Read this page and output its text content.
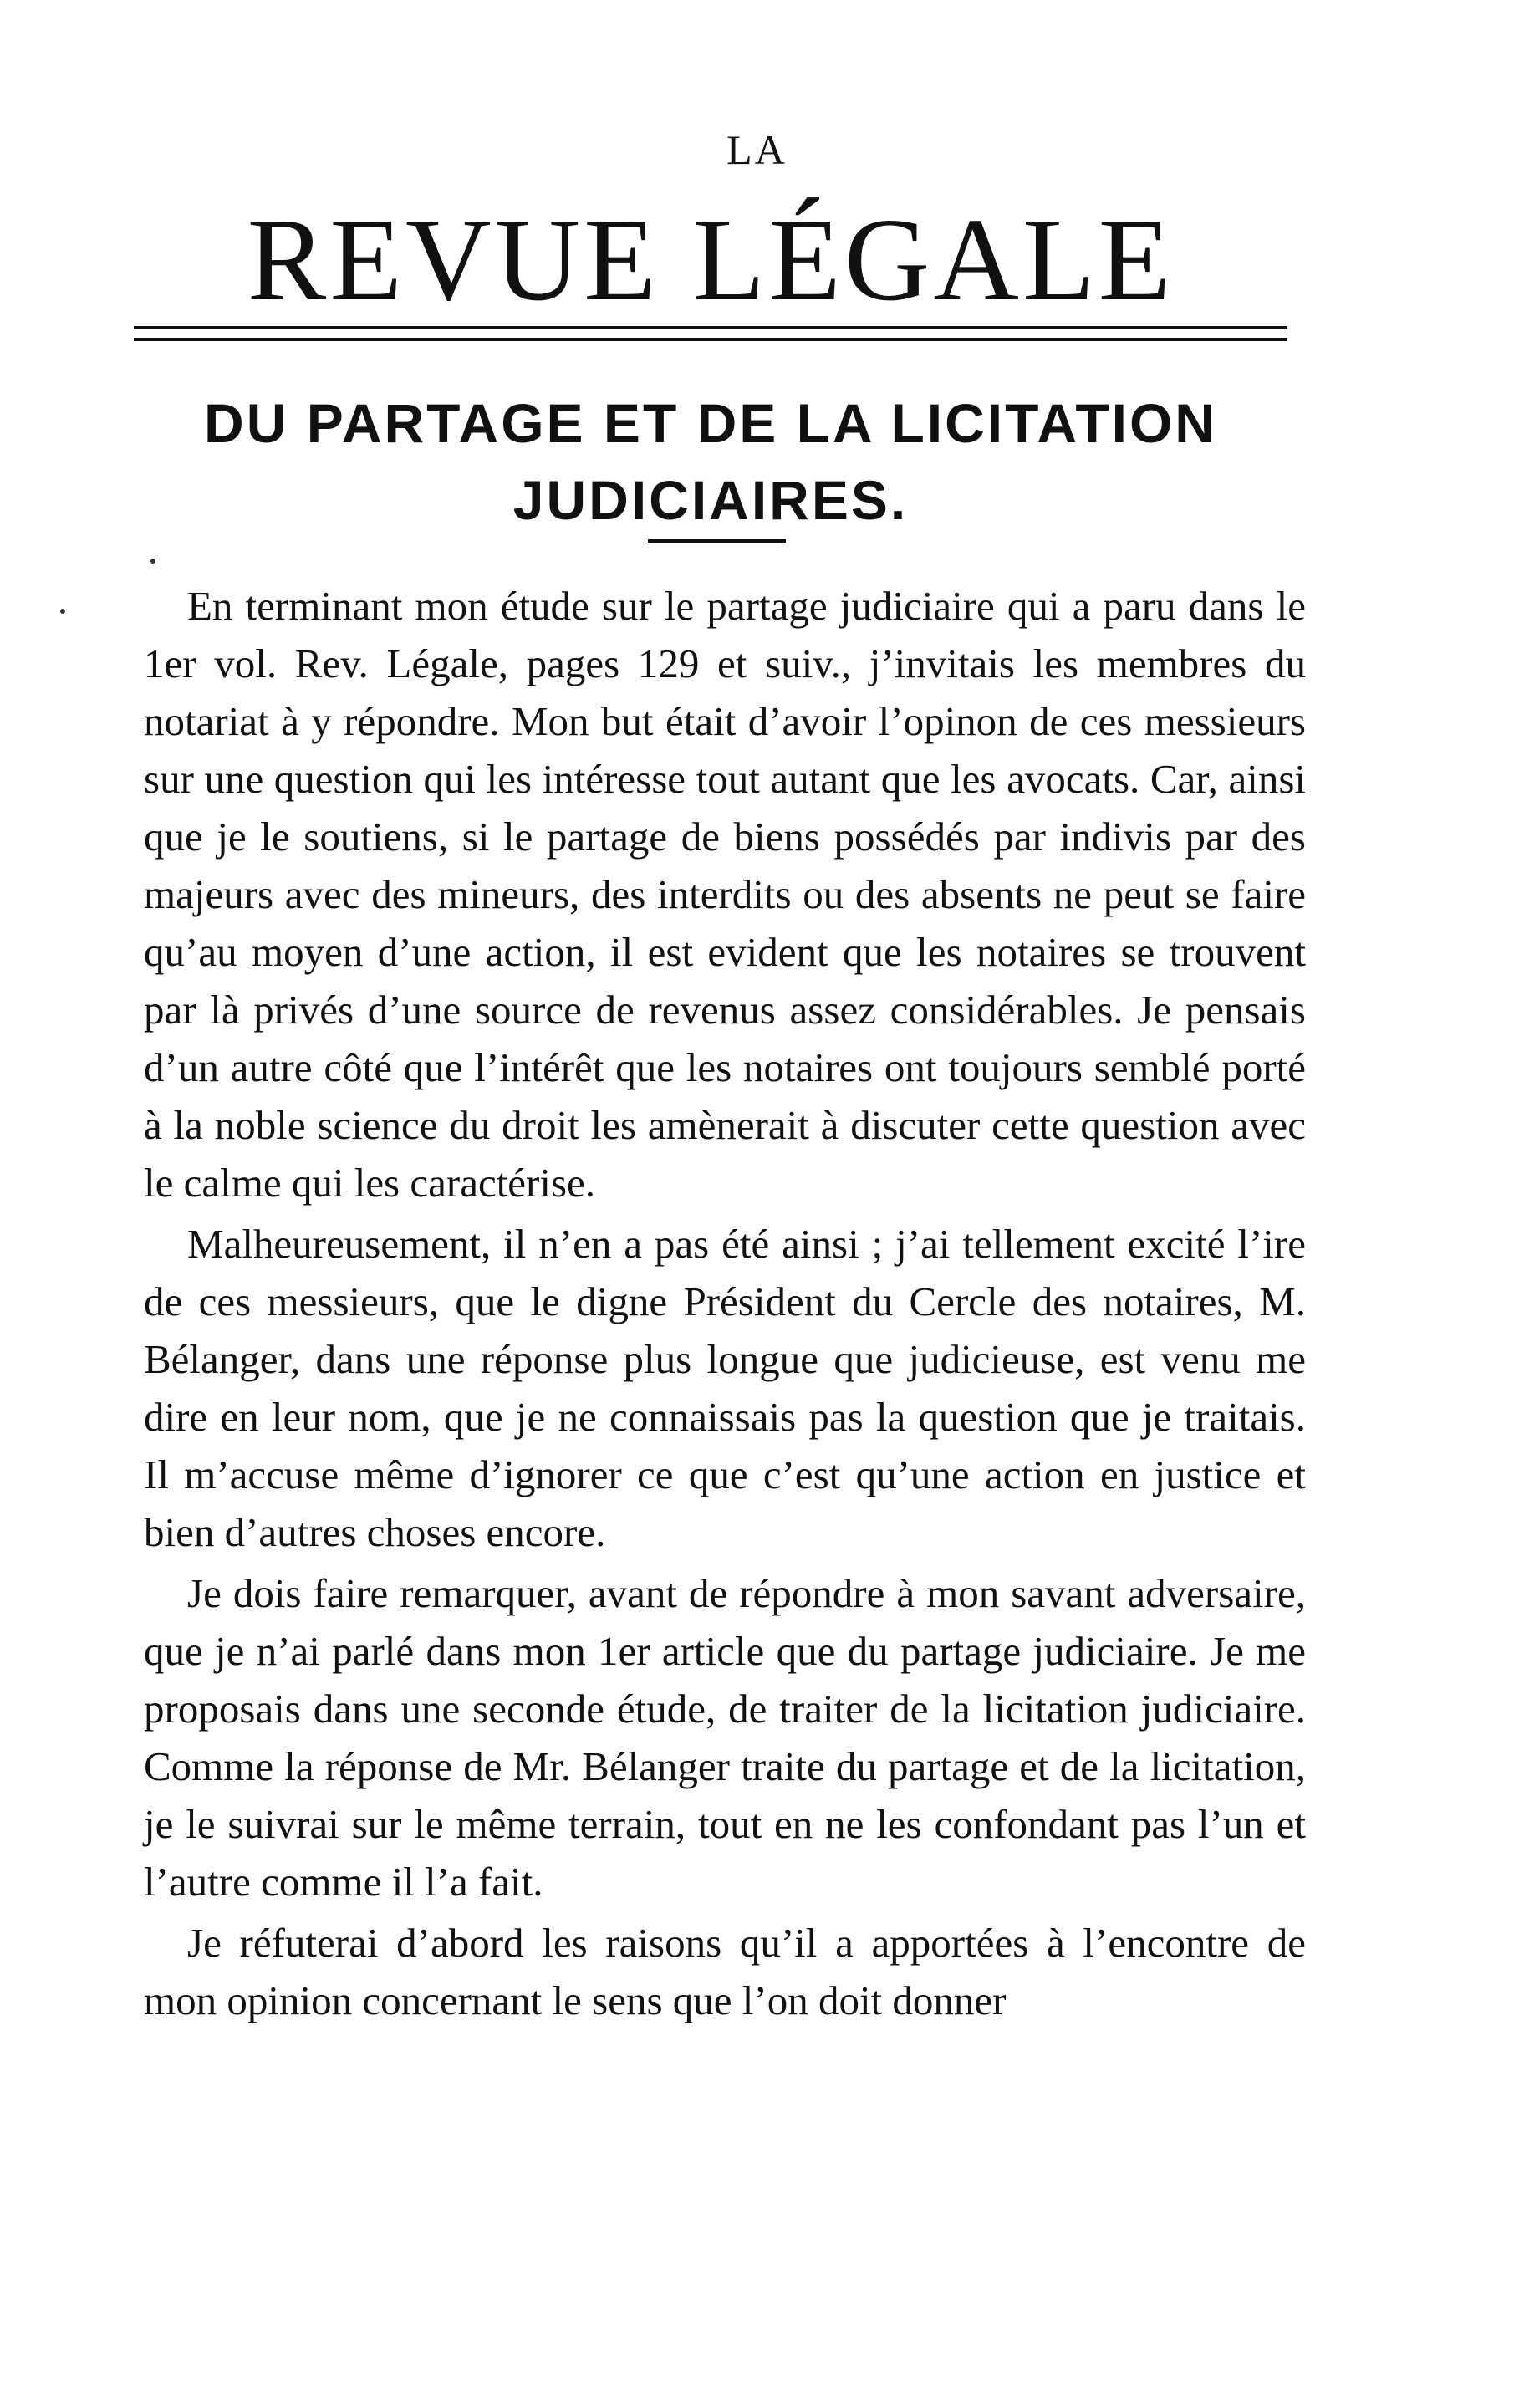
LA
REVUE LÉGALE
DU PARTAGE ET DE LA LICITATION JUDICIAIRES.

En terminant mon étude sur le partage judiciaire qui a paru dans le 1er vol. Rev. Légale, pages 129 et suiv., j’invitais les membres du notariat à y répondre. Mon but était d’avoir l’opinon de ces messieurs sur une question qui les intéresse tout autant que les avocats. Car, ainsi que je le soutiens, si le partage de biens possédés par indivis par des majeurs avec des mineurs, des interdits ou des absents ne peut se faire qu’au moyen d’une action, il est evident que les notaires se trouvent par là privés d’une source de revenus assez considérables. Je pensais d’un autre côté que l’intérêt que les notaires ont toujours semblé porté à la noble science du droit les amènerait à discuter cette question avec le calme qui les caractérise.

Malheureusement, il n’en a pas été ainsi ; j’ai tellement excité l’ire de ces messieurs, que le digne Président du Cercle des notaires, M. Bélanger, dans une réponse plus longue que judicieuse, est venu me dire en leur nom, que je ne connaissais pas la question que je traitais. Il m’accuse même d’ignorer ce que c’est qu’une action en justice et bien d’autres choses encore.

Je dois faire remarquer, avant de répondre à mon savant adversaire, que je n’ai parlé dans mon 1er article que du partage judiciaire. Je me proposais dans une seconde étude, de traiter de la licitation judiciaire. Comme la réponse de Mr. Bélanger traite du partage et de la licitation, je le suivrai sur le même terrain, tout en ne les confondant pas l’un et l’autre comme il l’a fait.

Je réfuterai d’abord les raisons qu’il a apportées à l’encontre de mon opinion concernant le sens que l’on doit donner
